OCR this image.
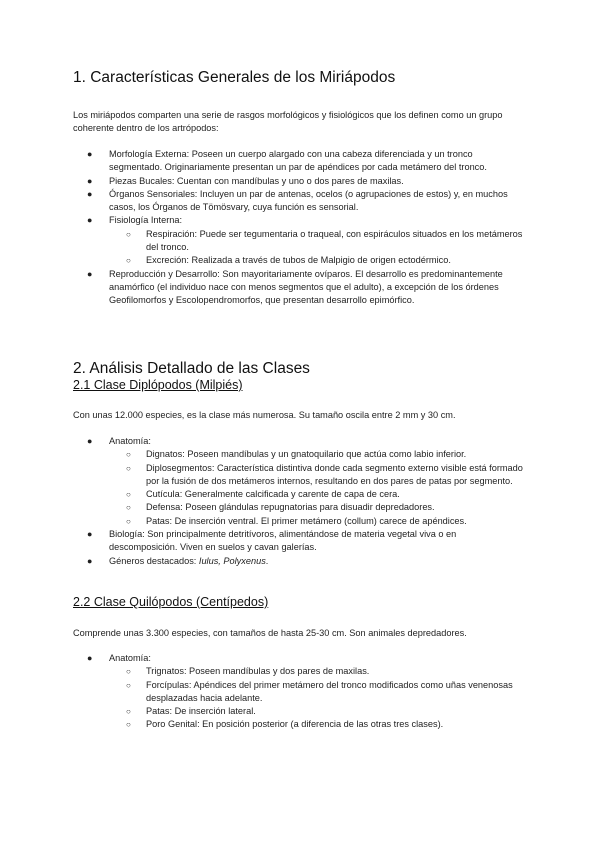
1. Características Generales de los Miriápodos

Los miriápodos comparten una serie de rasgos morfológicos y fisiológicos que los definen como un grupo coherente dentro de los artrópodos:

● Morfología Externa: Poseen un cuerpo alargado con una cabeza diferenciada y un tronco segmentado. Originariamente presentan un par de apéndices por cada metámero del tronco.
● Piezas Bucales: Cuentan con mandíbulas y uno o dos pares de maxilas.
● Órganos Sensoriales: Incluyen un par de antenas, ocelos (o agrupaciones de estos) y, en muchos casos, los Órganos de Tömösvary, cuya función es sensorial.
● Fisiología Interna:
○ Respiración: Puede ser tegumentaria o traqueal, con espiráculos situados en los metámeros del tronco.
○ Excreción: Realizada a través de tubos de Malpigio de origen ectodérmico.
● Reproducción y Desarrollo: Son mayoritariamente ovíparos. El desarrollo es predominantemente anamórfico (el individuo nace con menos segmentos que el adulto), a excepción de los órdenes Geofilomorfos y Escolopendromorfos, que presentan desarrollo epimórfico.
2. Análisis Detallado de las Clases
2.1 Clase Diplópodos (Milpiés)

Con unas 12.000 especies, es la clase más numerosa. Su tamaño oscila entre 2 mm y 30 cm.

● Anatomía:
○ Dignatos: Poseen mandíbulas y un gnatoquilario que actúa como labio inferior.
○ Diplosegmentos: Característica distintiva donde cada segmento externo visible está formado por la fusión de dos metámeros internos, resultando en dos pares de patas por segmento.
○ Cutícula: Generalmente calcificada y carente de capa de cera.
○ Defensa: Poseen glándulas repugnatorias para disuadir depredadores.
○ Patas: De inserción ventral. El primer metámero (collum) carece de apéndices.
● Biología: Son principalmente detritívoros, alimentándose de materia vegetal viva o en descomposición. Viven en suelos y cavan galerías.
● Géneros destacados: Iulus, Polyxenus.
2.2 Clase Quilópodos (Centípedos)

Comprende unas 3.300 especies, con tamaños de hasta 25-30 cm. Son animales depredadores.

● Anatomía:
○ Trignatos: Poseen mandíbulas y dos pares de maxilas.
○ Forcípulas: Apéndices del primer metámero del tronco modificados como uñas venenosas desplazadas hacia adelante.
○ Patas: De inserción lateral.
○ Poro Genital: En posición posterior (a diferencia de las otras tres clases).
